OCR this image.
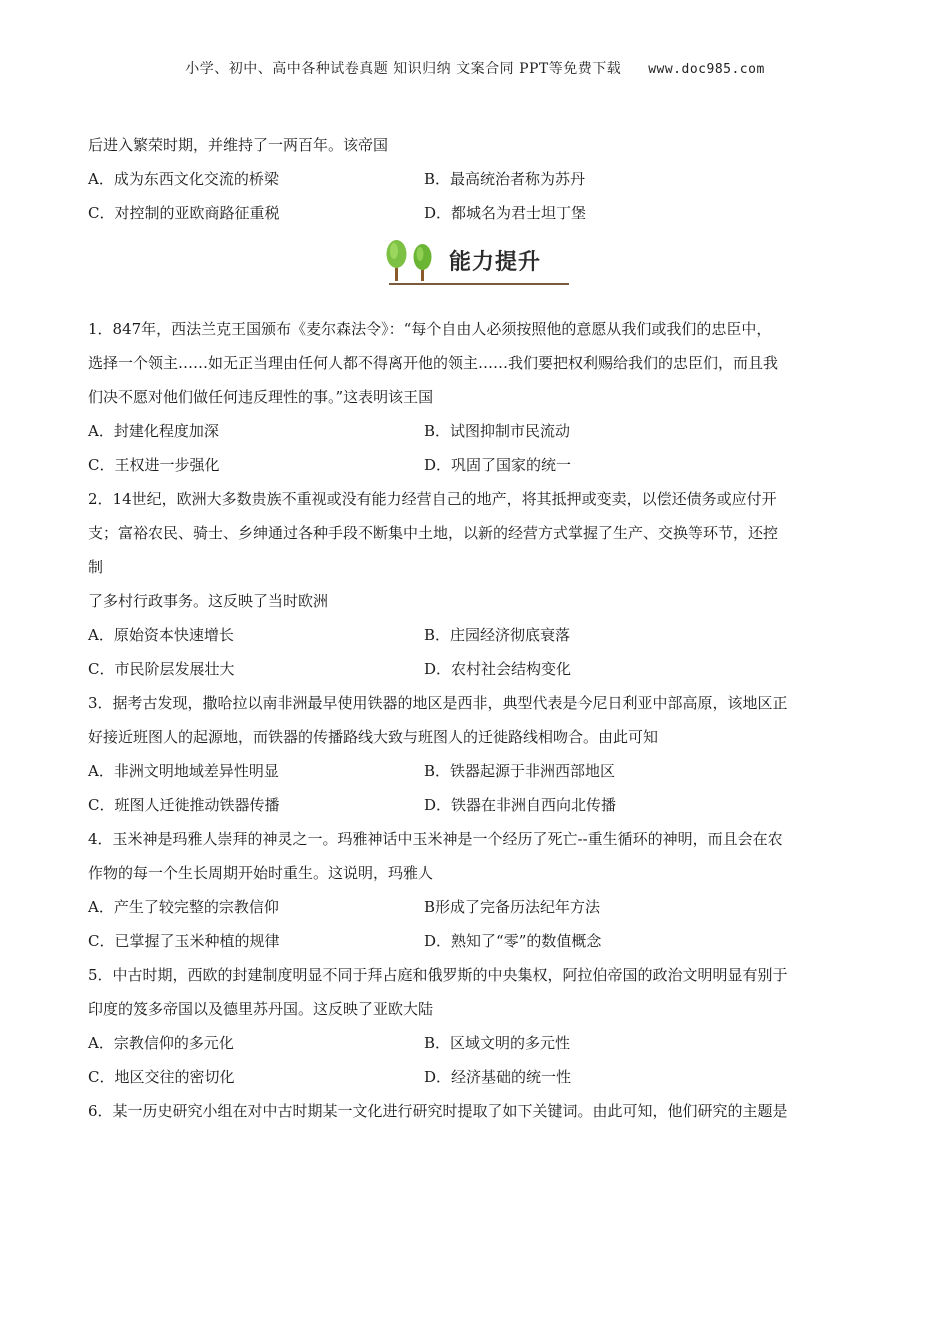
小学、初中、高中各种试卷真题 知识归纳 文案合同 PPT等免费下载 www.doc985.com
后进入繁荣时期，并维持了一两百年。该帝国
A．成为东西文化交流的桥梁	B．最高统治者称为苏丹
C．对控制的亚欧商路征重税	D．都城名为君士坦丁堡
能力提升
1．847年，西法兰克王国颁布《麦尔森法令》：“每个自由人必须按照他的意愿从我们或我们的忠臣中，
选择一个领主……如无正当理由任何人都不得离开他的领主……我们要把权利赐给我们的忠臣们，而且我
们决不愿对他们做任何违反理性的事。”这表明该王国
A．封建化程度加深	B．试图抑制市民流动
C．王权进一步强化	D．巩固了国家的统一
2．14世纪，欧洲大多数贵族不重视或没有能力经营自己的地产，将其抵押或变卖，以偿还债务或应付开
支；富裕农民、骑士、乡绅通过各种手段不断集中土地，以新的经营方式掌握了生产、交换等环节，还控
制
了多村行政事务。这反映了当时欧洲
A．原始资本快速增长	B．庄园经济彻底衰落
C．市民阶层发展壮大	D．农村社会结构变化
3．据考古发现，撒哈拉以南非洲最早使用铁器的地区是西非，典型代表是今尼日利亚中部高原，该地区正
好接近班图人的起源地，而铁器的传播路线大致与班图人的迁徙路线相吻合。由此可知
A．非洲文明地域差异性明显	B．铁器起源于非洲西部地区
C．班图人迁徙推动铁器传播	D．铁器在非洲自西向北传播
4．玉米神是玛雅人崇拜的神灵之一。玛雅神话中玉米神是一个经历了死亡--重生循环的神明，而且会在农
作物的每一个生长周期开始时重生。这说明，玛雅人
A．产生了较完整的宗教信仰	B形成了完备历法纪年方法
C．已掌握了玉米种植的规律	D．熟知了“零”的数值概念
5．中古时期，西欧的封建制度明显不同于拜占庭和俄罗斯的中央集权，阿拉伯帝国的政治文明明显有别于
印度的笈多帝国以及德里苏丹国。这反映了亚欧大陆
A．宗教信仰的多元化	B．区域文明的多元性
C．地区交往的密切化	D．经济基础的统一性
6．某一历史研究小组在对中古时期某一文化进行研究时提取了如下关键词。由此可知，他们研究的主题是
